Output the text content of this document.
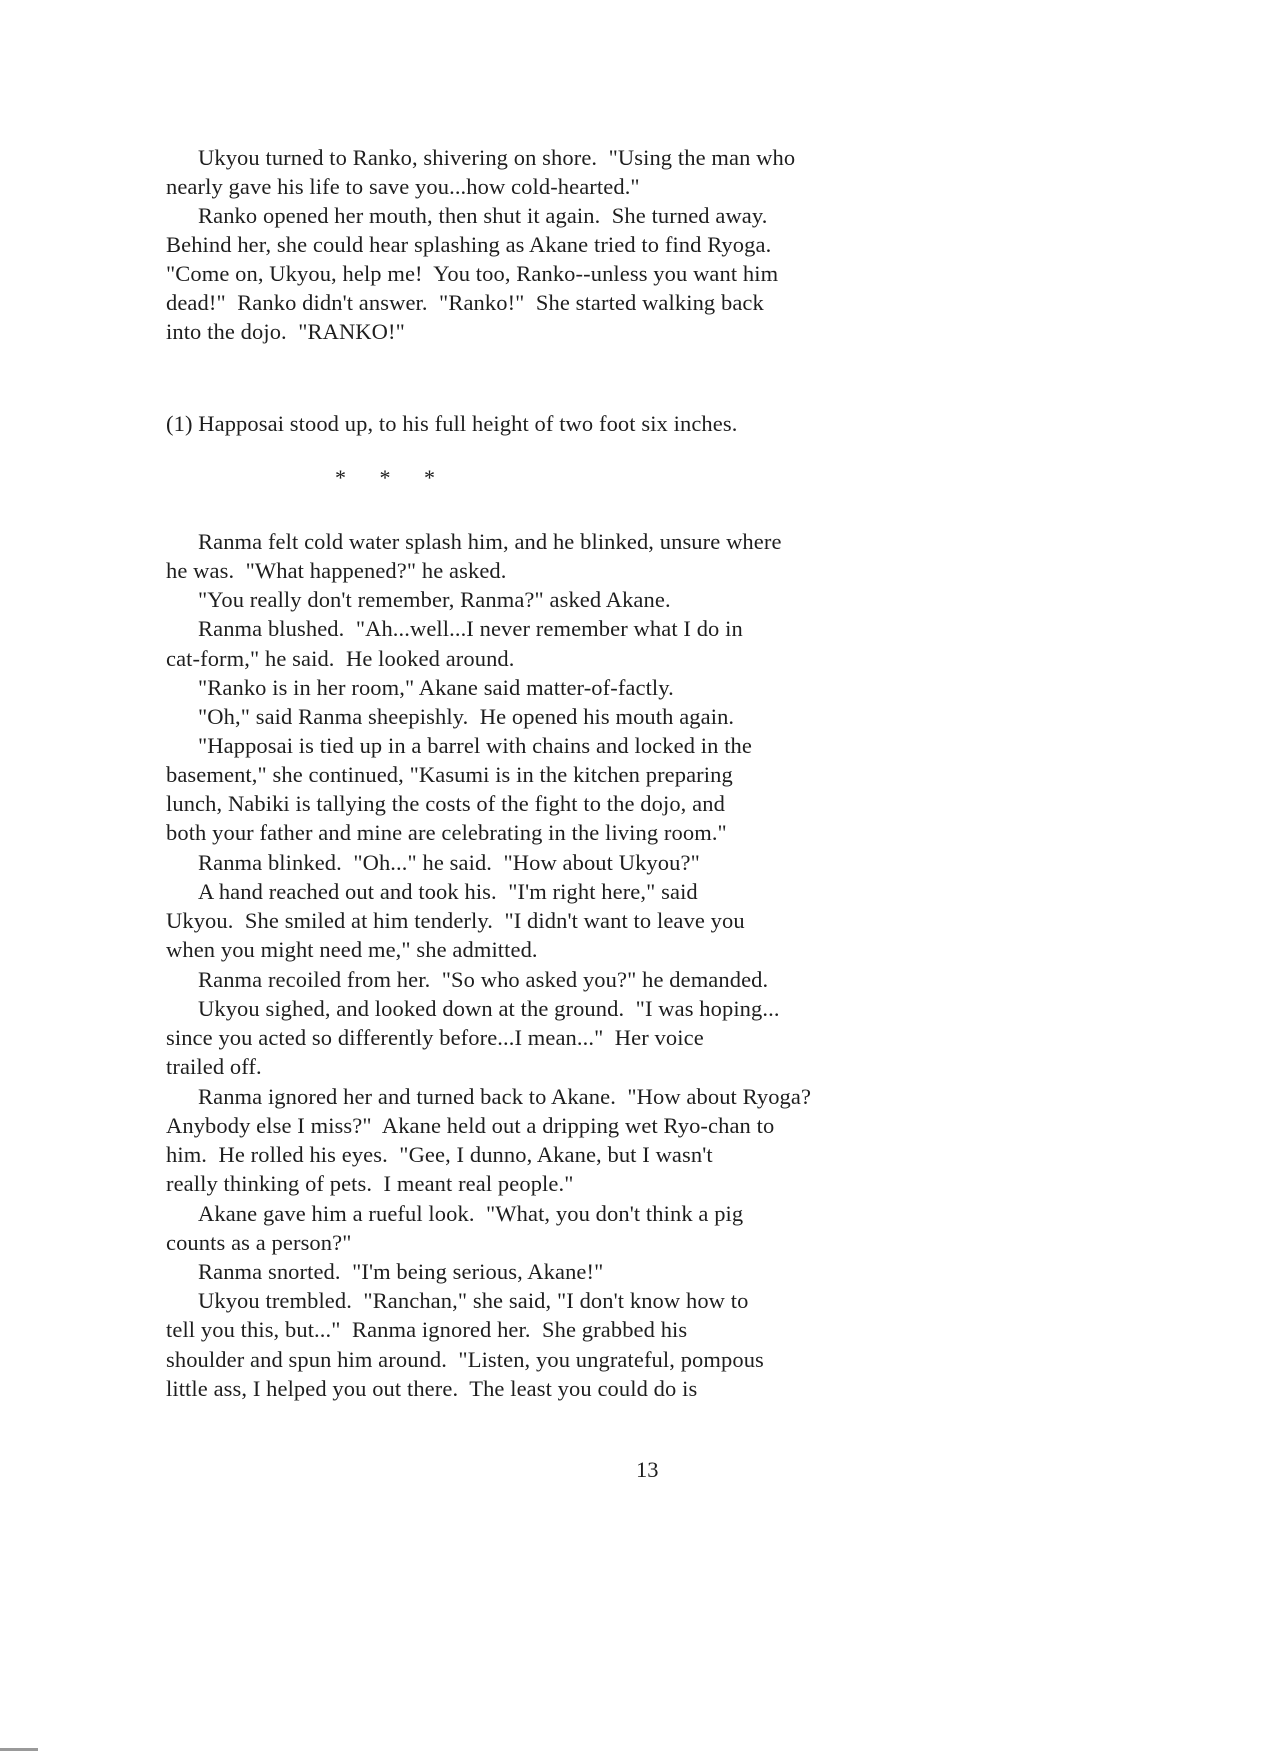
Ukyou turned to Ranko, shivering on shore.  "Using the man who
nearly gave his life to save you...how cold-hearted."
Ranko opened her mouth, then shut it again.  She turned away.
Behind her, she could hear splashing as Akane tried to find Ryoga.
"Come on, Ukyou, help me!  You too, Ranko--unless you want him
dead!"  Ranko didn't answer.  "Ranko!"  She started walking back
into the dojo.  "RANKO!"
(1) Happosai stood up, to his full height of two foot six inches.
* * *
Ranma felt cold water splash him, and he blinked, unsure where
he was.  "What happened?" he asked.
"You really don't remember, Ranma?" asked Akane.
Ranma blushed.  "Ah...well...I never remember what I do in
cat-form," he said.  He looked around.
"Ranko is in her room," Akane said matter-of-factly.
"Oh," said Ranma sheepishly.  He opened his mouth again.
"Happosai is tied up in a barrel with chains and locked in the
basement," she continued, "Kasumi is in the kitchen preparing
lunch, Nabiki is tallying the costs of the fight to the dojo, and
both your father and mine are celebrating in the living room."
Ranma blinked.  "Oh..." he said.  "How about Ukyou?"
A hand reached out and took his.  "I'm right here," said
Ukyou.  She smiled at him tenderly.  "I didn't want to leave you
when you might need me," she admitted.
Ranma recoiled from her.  "So who asked you?" he demanded.
Ukyou sighed, and looked down at the ground.  "I was hoping...
since you acted so differently before...I mean..."  Her voice
trailed off.
Ranma ignored her and turned back to Akane.  "How about Ryoga?
Anybody else I miss?"  Akane held out a dripping wet Ryo-chan to
him.  He rolled his eyes.  "Gee, I dunno, Akane, but I wasn't
really thinking of pets.  I meant real people."
Akane gave him a rueful look.  "What, you don't think a pig
counts as a person?"
Ranma snorted.  "I'm being serious, Akane!"
Ukyou trembled.  "Ranchan," she said, "I don't know how to
tell you this, but..."  Ranma ignored her.  She grabbed his
shoulder and spun him around.  "Listen, you ungrateful, pompous
little ass, I helped you out there.  The least you could do is
13
